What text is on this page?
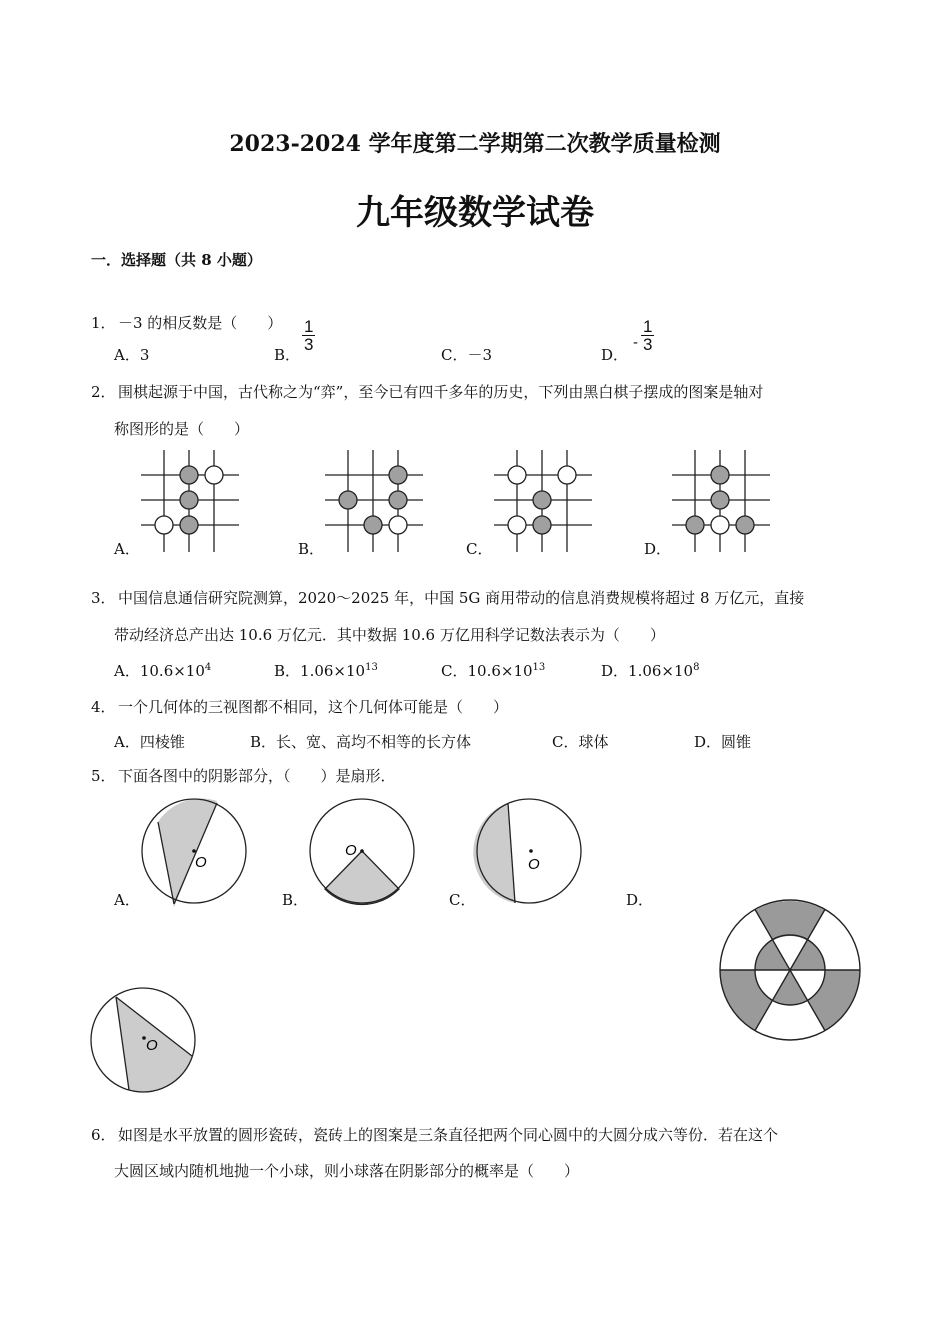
2023-2024 学年度第二学期第二次教学质量检测
九年级数学试卷
一．选择题（共 8 小题）
1． －3 的相反数是（　　）
A．3	B．
$\frac{1}{3}$
C．－3	D．
- $\frac{1}{3}$
2． 围棋起源于中国，古代称之为“弈”，至今已有四千多年的历史，下列由黑白棋子摆成的图案是轴对
称图形的是（　　）
A．	B．	C．	D．
3． 中国信息通信研究院测算，2020～2025 年，中国 5G 商用带动的信息消费规模将超过 8 万亿元，直接
带动经济总产出达 10.6 万亿元．其中数据 10.6 万亿用科学记数法表示为（　　）
A．$10.6\times 10^4$	B．$1.06\times 10^{13}$	C．$10.6\times 10^{13}$	D．$1.06\times 10^8$
4． 一个几何体的三视图都不相同，这个几何体可能是（　　）
A．四棱锥	B．长、宽、高均不相等的长方体	C．球体	D．圆锥
5． 下面各图中的阴影部分，（　　）是扇形．
A．	B．	C．	D．
O
O
O
O
6． 如图是水平放置的圆形瓷砖，瓷砖上的图案是三条直径把两个同心圆中的大圆分成六等份．若在这个
大圆区域内随机地抛一个小球，则小球落在阴影部分的概率是（　　）
